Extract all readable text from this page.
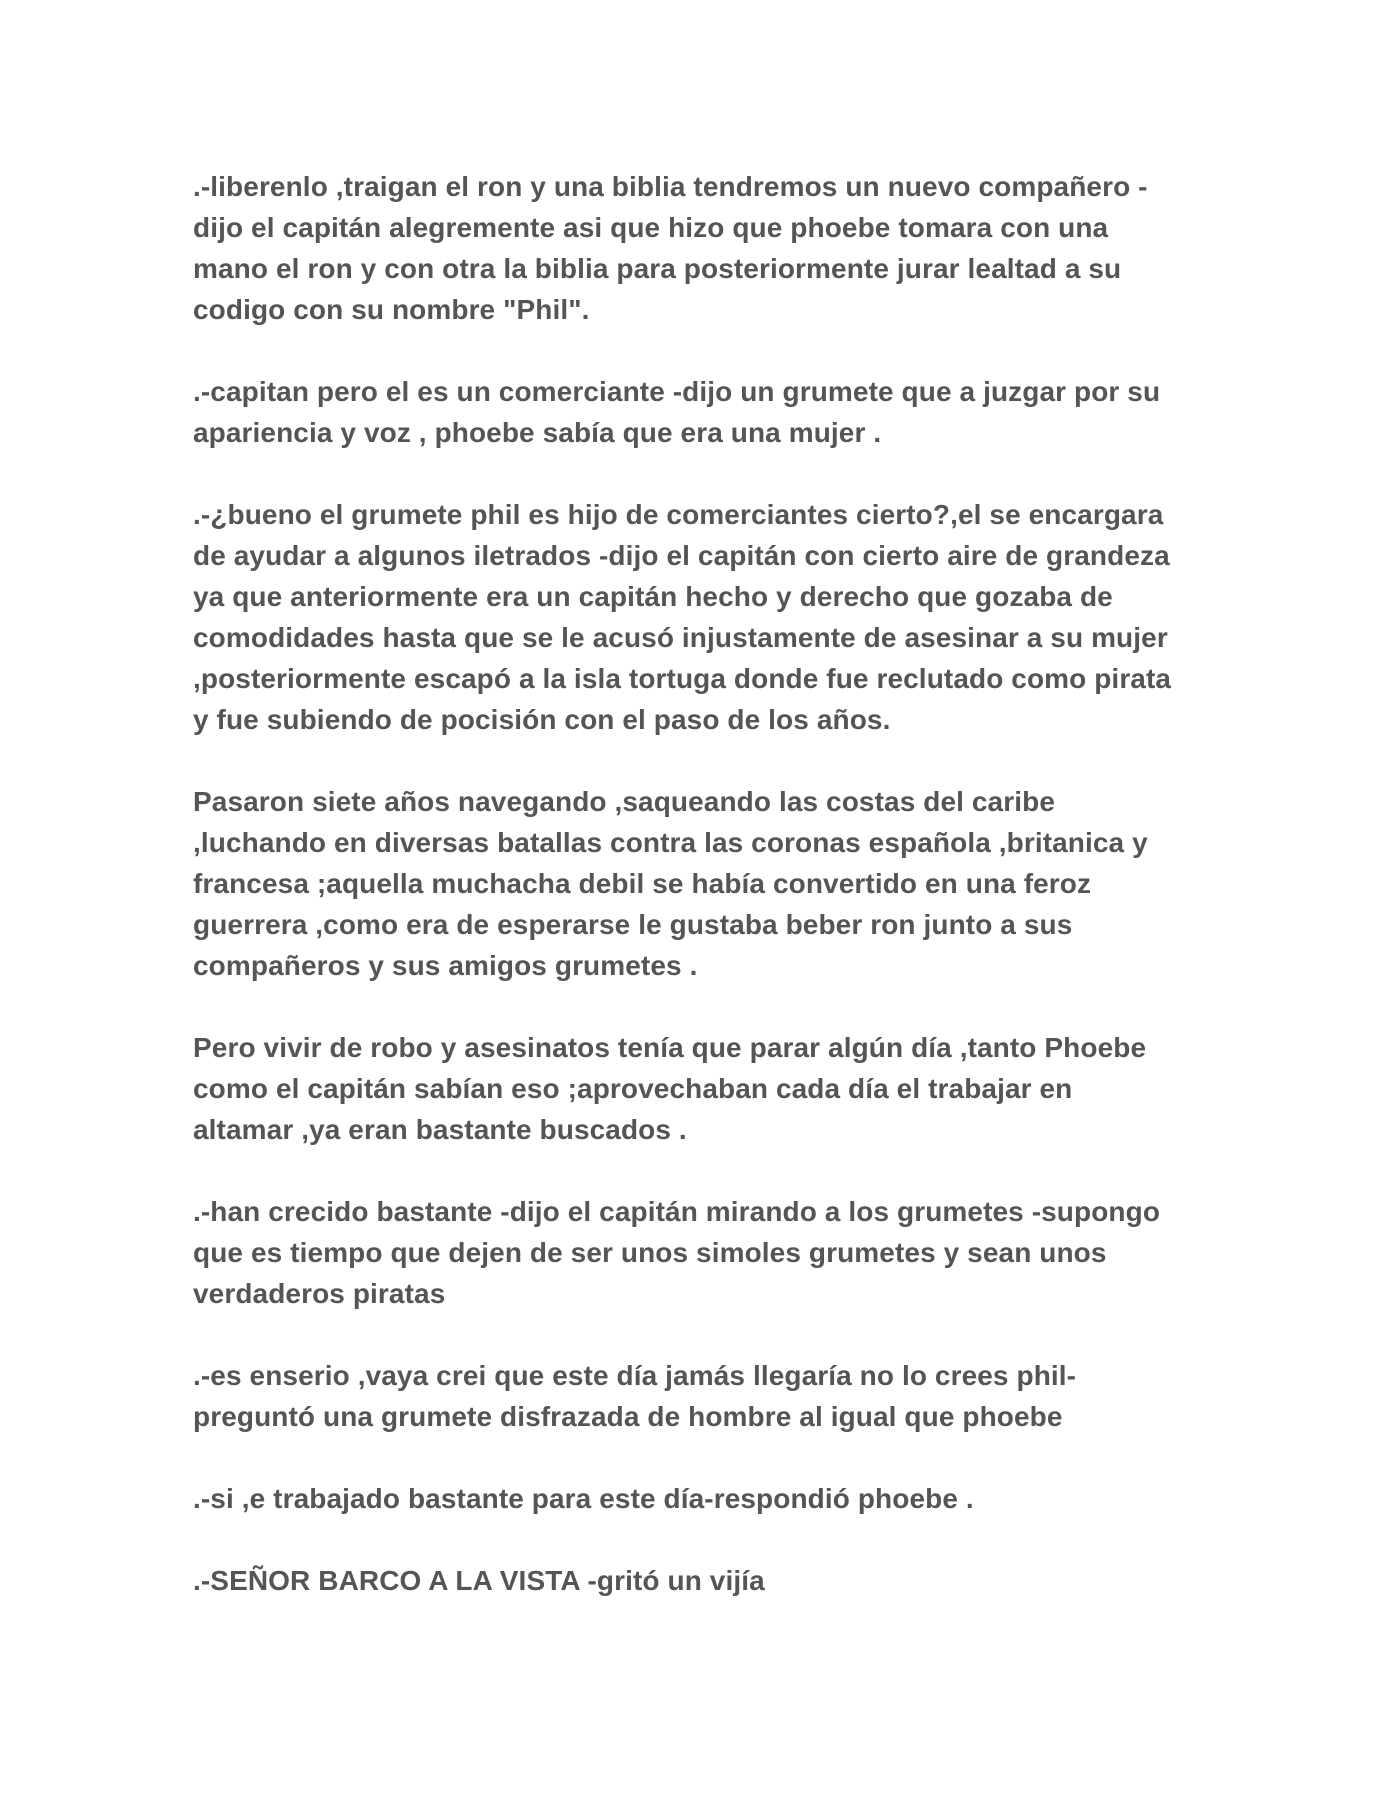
.-liberenlo ,traigan el ron y una biblia tendremos un nuevo compañero -
dijo el capitán alegremente asi que hizo que phoebe tomara con una
mano el ron y con otra la biblia para posteriormente jurar lealtad a su
codigo con su nombre "Phil".

.-capitan pero el es un comerciante -dijo un grumete que a juzgar por su
apariencia y voz , phoebe sabía que era una mujer .

.-¿bueno el grumete phil es hijo de comerciantes cierto?,el se encargara
de ayudar a algunos iletrados -dijo el capitán con cierto aire de grandeza
ya que anteriormente era un capitán hecho y derecho que gozaba de
comodidades hasta que se le acusó injustamente de asesinar a su mujer
,posteriormente escapó a la isla tortuga donde fue reclutado como pirata
y fue subiendo de pocisión con el paso de los años.

Pasaron siete años navegando ,saqueando las costas del caribe
,luchando en diversas batallas contra las coronas española ,britanica y
francesa ;aquella muchacha debil se había convertido en una feroz
guerrera ,como era de esperarse le gustaba beber ron junto a sus
compañeros y sus amigos grumetes .

Pero vivir de robo y asesinatos tenía que parar algún día ,tanto Phoebe
como el capitán sabían eso ;aprovechaban cada día el trabajar en
altamar ,ya eran bastante buscados .

.-han crecido bastante -dijo el capitán mirando a los grumetes -supongo
que es tiempo que dejen de ser unos simoles grumetes y sean unos
verdaderos piratas

.-es enserio ,vaya crei que este día jamás llegaría no lo crees phil-
preguntó una grumete disfrazada de hombre al igual que phoebe

.-si ,e trabajado bastante para este día-respondió phoebe .

.-SEÑOR BARCO A LA VISTA -gritó un vijía
